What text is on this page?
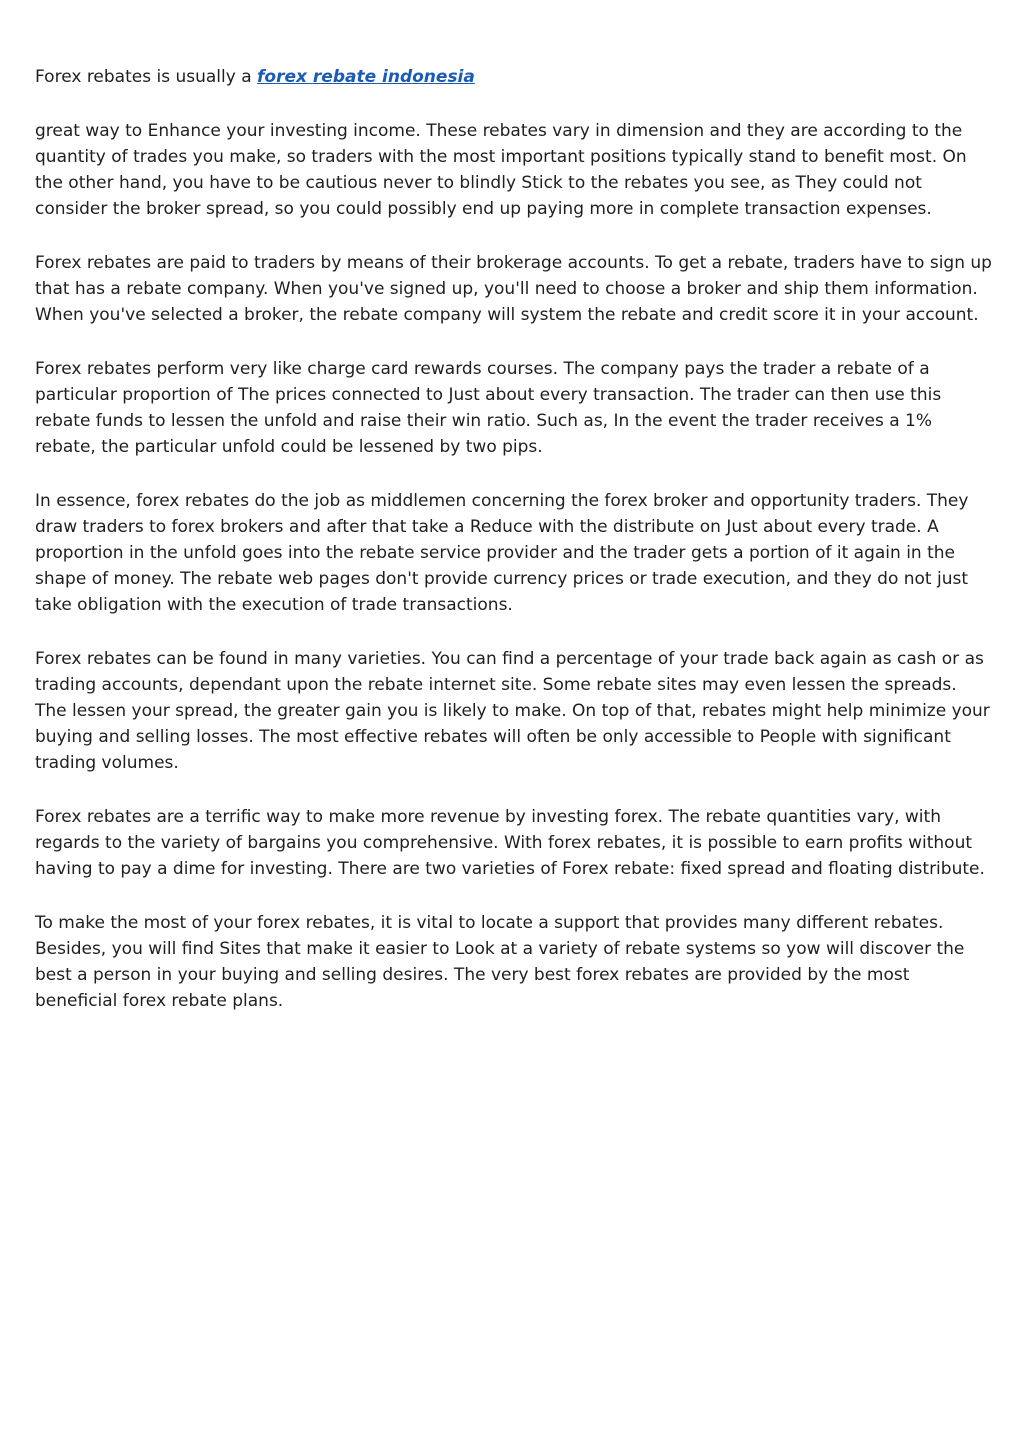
Forex rebates is usually a forex rebate indonesia

great way to Enhance your investing income. These rebates vary in dimension and they are according to the quantity of trades you make, so traders with the most important positions typically stand to benefit most. On the other hand, you have to be cautious never to blindly Stick to the rebates you see, as They could not consider the broker spread, so you could possibly end up paying more in complete transaction expenses.

Forex rebates are paid to traders by means of their brokerage accounts. To get a rebate, traders have to sign up that has a rebate company. When you've signed up, you'll need to choose a broker and ship them information. When you've selected a broker, the rebate company will system the rebate and credit score it in your account.

Forex rebates perform very like charge card rewards courses. The company pays the trader a rebate of a particular proportion of The prices connected to Just about every transaction. The trader can then use this rebate funds to lessen the unfold and raise their win ratio. Such as, In the event the trader receives a 1% rebate, the particular unfold could be lessened by two pips.

In essence, forex rebates do the job as middlemen concerning the forex broker and opportunity traders. They draw traders to forex brokers and after that take a Reduce with the distribute on Just about every trade. A proportion in the unfold goes into the rebate service provider and the trader gets a portion of it again in the shape of money. The rebate web pages don't provide currency prices or trade execution, and they do not just take obligation with the execution of trade transactions.

Forex rebates can be found in many varieties. You can find a percentage of your trade back again as cash or as trading accounts, dependant upon the rebate internet site. Some rebate sites may even lessen the spreads. The lessen your spread, the greater gain you is likely to make. On top of that, rebates might help minimize your buying and selling losses. The most effective rebates will often be only accessible to People with significant trading volumes.

Forex rebates are a terrific way to make more revenue by investing forex. The rebate quantities vary, with regards to the variety of bargains you comprehensive. With forex rebates, it is possible to earn profits without having to pay a dime for investing. There are two varieties of Forex rebate: fixed spread and floating distribute.

To make the most of your forex rebates, it is vital to locate a support that provides many different rebates. Besides, you will find Sites that make it easier to Look at a variety of rebate systems so yow will discover the best a person in your buying and selling desires. The very best forex rebates are provided by the most beneficial forex rebate plans.
